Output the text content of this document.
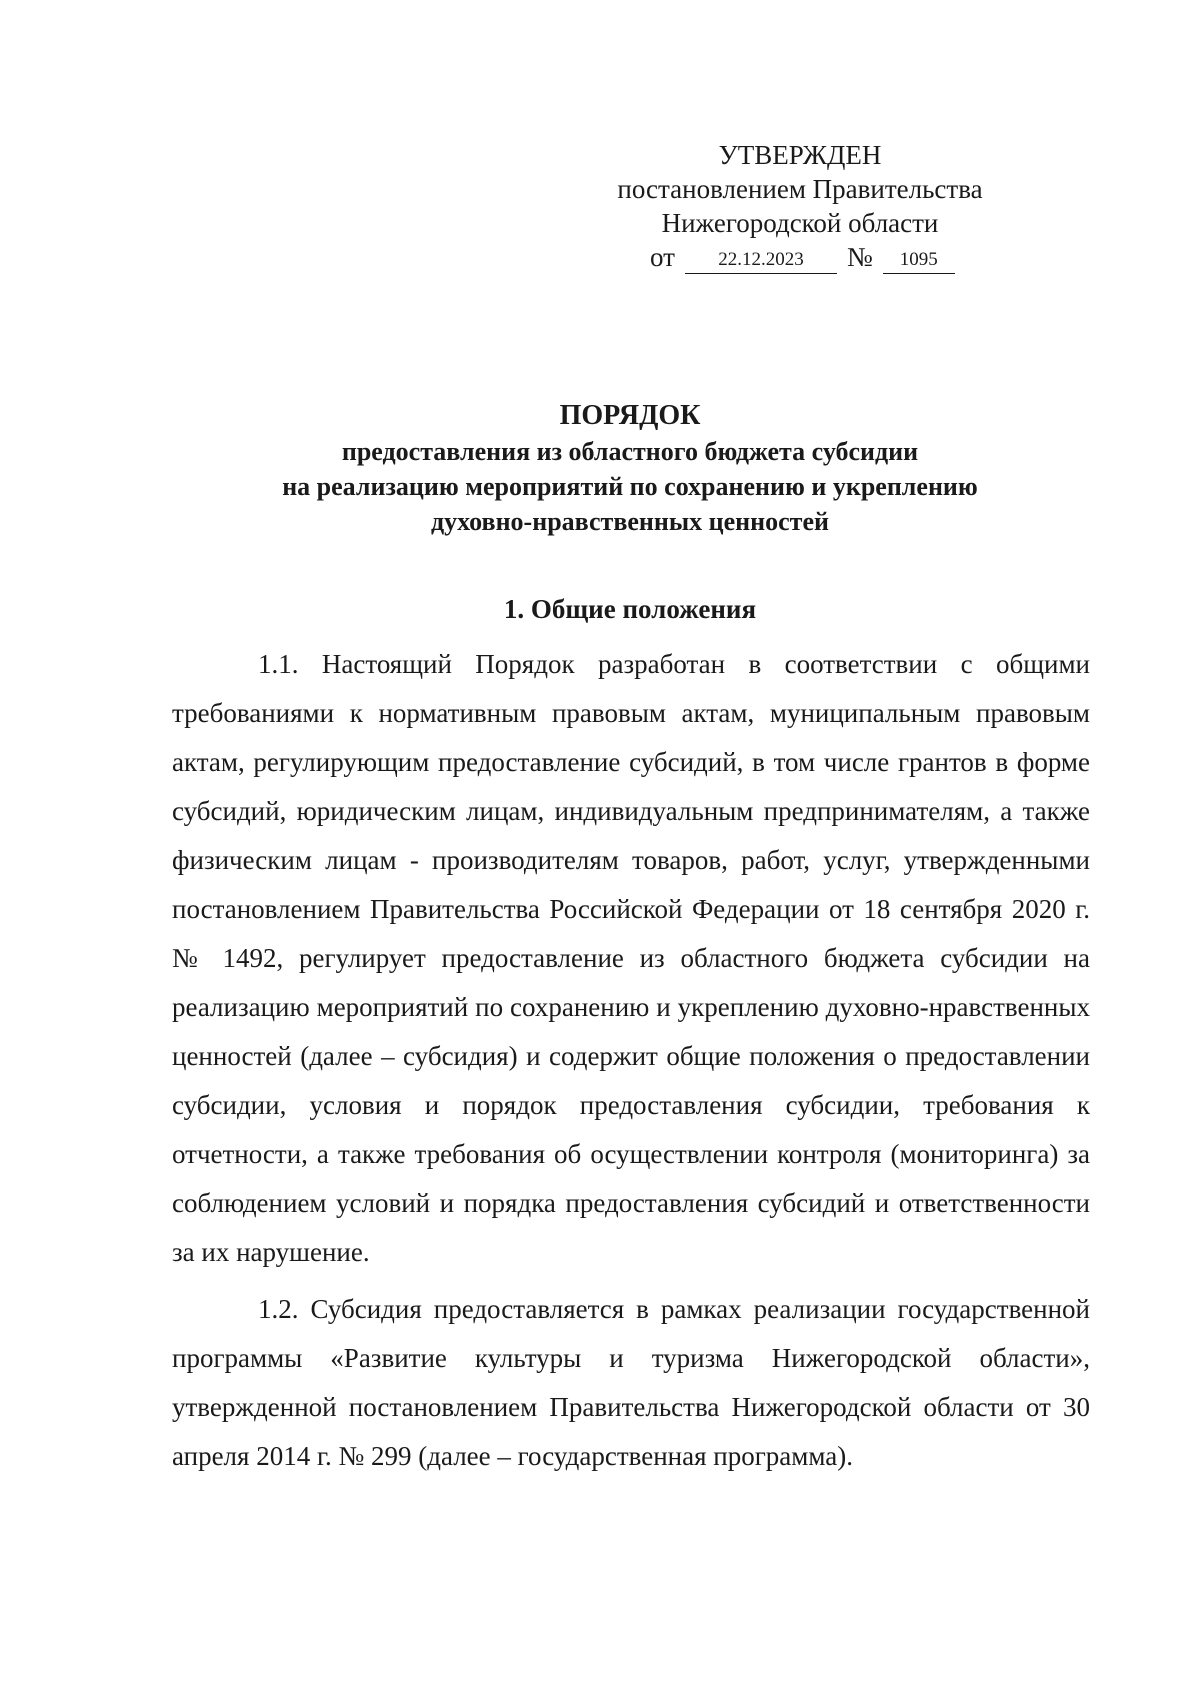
УТВЕРЖДЕН
постановлением Правительства
Нижегородской области
от	22.12.2023	№	1095
ПОРЯДОК
предоставления из областного бюджета субсидии
на реализацию мероприятий по сохранению и укреплению
духовно-нравственных ценностей
1. Общие положения

1.1. Настоящий Порядок разработан в соответствии с общими требованиями к нормативным правовым актам, муниципальным правовым актам, регулирующим предоставление субсидий, в том числе грантов в форме субсидий, юридическим лицам, индивидуальным предпринимателям, а также физическим лицам - производителям товаров, работ, услуг, утвержденными постановлением Правительства Российской Федерации от 18 сентября 2020 г. № 1492, регулирует предоставление из областного бюджета субсидии на реализацию мероприятий по сохранению и укреплению духовно-нравственных ценностей (далее – субсидия) и содержит общие положения о предоставлении субсидии, условия и порядок предоставления субсидии, требования к отчетности, а также требования об осуществлении контроля (мониторинга) за соблюдением условий и порядка предоставления субсидий и ответственности за их нарушение.

1.2. Субсидия предоставляется в рамках реализации государственной программы «Развитие культуры и туризма Нижегородской области», утвержденной постановлением Правительства Нижегородской области от 30 апреля 2014 г. № 299 (далее – государственная программа).
